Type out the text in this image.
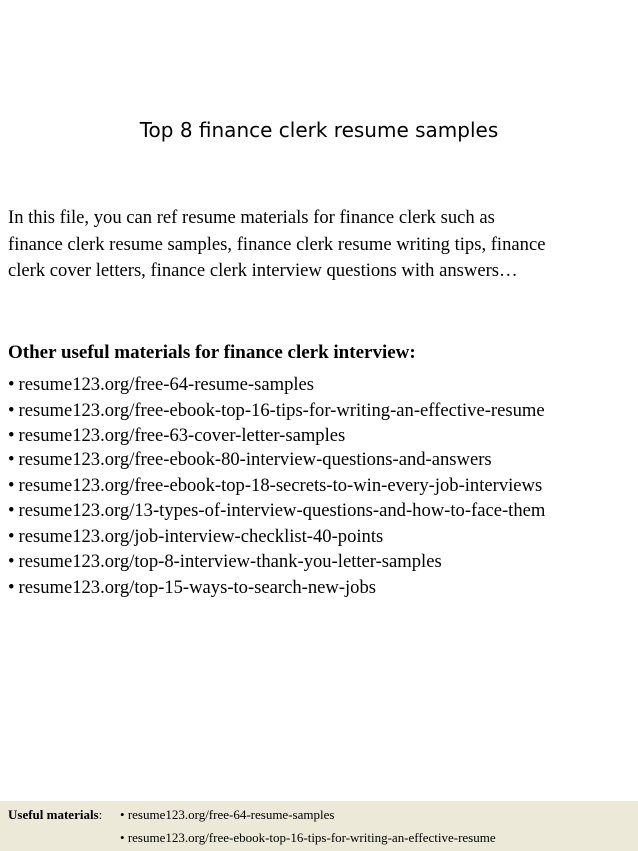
Top 8 finance clerk resume samples
In this file, you can ref resume materials for finance clerk such as
finance clerk resume samples, finance clerk resume writing tips, finance
clerk cover letters, finance clerk interview questions with answers…
Other useful materials for finance clerk interview:
• resume123.org/free-64-resume-samples
• resume123.org/free-ebook-top-16-tips-for-writing-an-effective-resume
• resume123.org/free-63-cover-letter-samples
• resume123.org/free-ebook-80-interview-questions-and-answers
• resume123.org/free-ebook-top-18-secrets-to-win-every-job-interviews
• resume123.org/13-types-of-interview-questions-and-how-to-face-them
• resume123.org/job-interview-checklist-40-points
• resume123.org/top-8-interview-thank-you-letter-samples
• resume123.org/top-15-ways-to-search-new-jobs
Useful materials: • resume123.org/free-64-resume-samples
• resume123.org/free-ebook-top-16-tips-for-writing-an-effective-resume
